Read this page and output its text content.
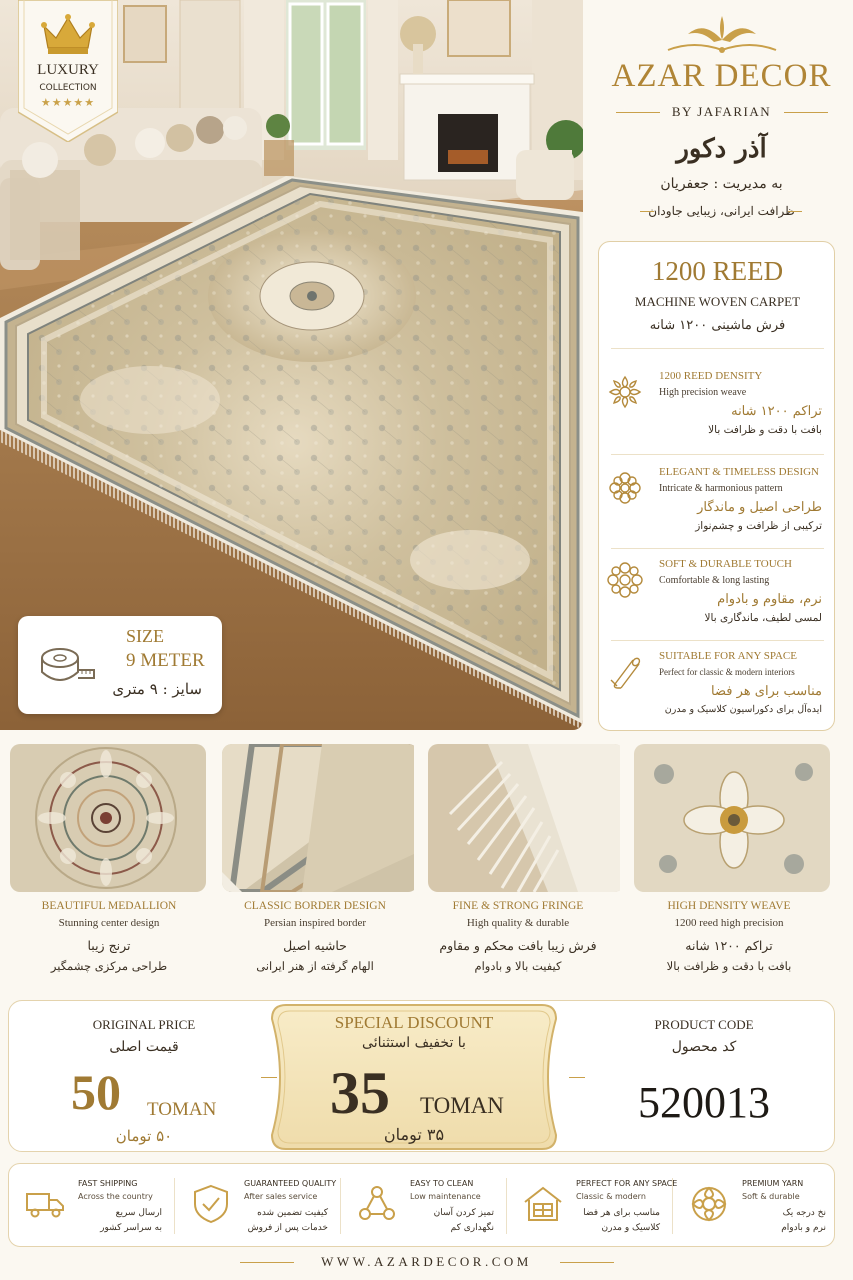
LUXURY
COLLECTION
★★★★★
SIZE
9 METER
سایز : ۹ متری
AZAR DECOR
BY JAFARIAN
آذر دکور
به مدیریت : جعفریان
ظرافت ایرانی، زیبایی جاودان
1200 REED
MACHINE WOVEN CARPET
فرش ماشینی ۱۲۰۰ شانه
1200 REED DENSITY
High precision weave
تراکم ۱۲۰۰ شانه
بافت با دقت و ظرافت بالا
ELEGANT & TIMELESS DESIGN
Intricate & harmonious pattern
طراحی اصیل و ماندگار
ترکیبی از ظرافت و چشم‌نواز
SOFT & DURABLE TOUCH
Comfortable & long lasting
نرم، مقاوم و بادوام
لمسی لطیف، ماندگاری بالا
SUITABLE FOR ANY SPACE
Perfect for classic & modern interiors
مناسب برای هر فضا
ایده‌آل برای دکوراسیون کلاسیک و مدرن
BEAUTIFUL MEDALLION
Stunning center design
ترنج زیبا
طراحی مرکزی چشمگیر
CLASSIC BORDER DESIGN
Persian inspired border
حاشیه اصیل
الهام گرفته از هنر ایرانی
FINE & STRONG FRINGE
High quality & durable
فرش زیبا بافت محکم و مقاوم
کیفیت بالا و بادوام
HIGH DENSITY WEAVE
1200 reed high precision
تراکم ۱۲۰۰ شانه
بافت با دقت و ظرافت بالا
ORIGINAL PRICE
قیمت اصلی
50 TOMAN
۵۰ تومان
PRODUCT CODE
کد محصول
520013
SPECIAL DISCOUNT
با تخفیف استثنائی
35 TOMAN
۳۵ تومان
FAST SHIPPING
Across the country
ارسال سریع
به سراسر کشور
GUARANTEED QUALITY
After sales service
کیفیت تضمین شده
خدمات پس از فروش
EASY TO CLEAN
Low maintenance
تمیز کردن آسان
نگهداری کم
PERFECT FOR ANY SPACE
Classic & modern
مناسب برای هر فضا
کلاسیک و مدرن
PREMIUM YARN
Soft & durable
نخ درجه یک
نرم و بادوام
WWW.AZARDECOR.COM
